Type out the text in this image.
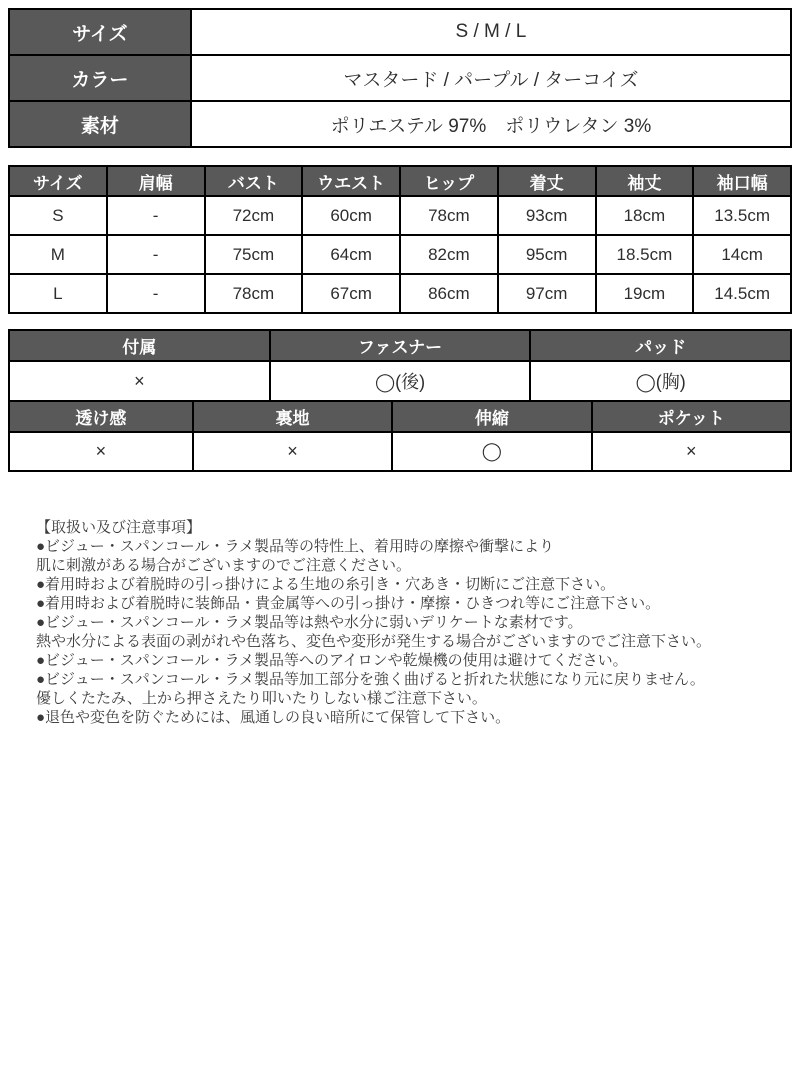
サイズ	S / M / L
カラー	マスタード / パープル / ターコイズ
素材	ポリエステル 97%　ポリウレタン 3%
サイズ	肩幅	バスト	ウエスト	ヒップ	着丈	袖丈	袖口幅
S	-	72cm	60cm	78cm	93cm	18cm	13.5cm
M	-	75cm	64cm	82cm	95cm	18.5cm	14cm
L	-	78cm	67cm	86cm	97cm	19cm	14.5cm
付属	ファスナー	パッド
×	◯(後)	◯(胸)
透け感	裏地	伸縮	ポケット
×	×	◯	×
【取扱い及び注意事項】
●ビジュー・スパンコール・ラメ製品等の特性上、着用時の摩擦や衝撃により
肌に刺激がある場合がございますのでご注意ください。
●着用時および着脱時の引っ掛けによる生地の糸引き・穴あき・切断にご注意下さい。
●着用時および着脱時に装飾品・貴金属等への引っ掛け・摩擦・ひきつれ等にご注意下さい。
●ビジュー・スパンコール・ラメ製品等は熱や水分に弱いデリケートな素材です。
熱や水分による表面の剥がれや色落ち、変色や変形が発生する場合がございますのでご注意下さい。
●ビジュー・スパンコール・ラメ製品等へのアイロンや乾燥機の使用は避けてください。
●ビジュー・スパンコール・ラメ製品等加工部分を強く曲げると折れた状態になり元に戻りません。
優しくたたみ、上から押さえたり叩いたりしない様ご注意下さい。
●退色や変色を防ぐためには、風通しの良い暗所にて保管して下さい。
